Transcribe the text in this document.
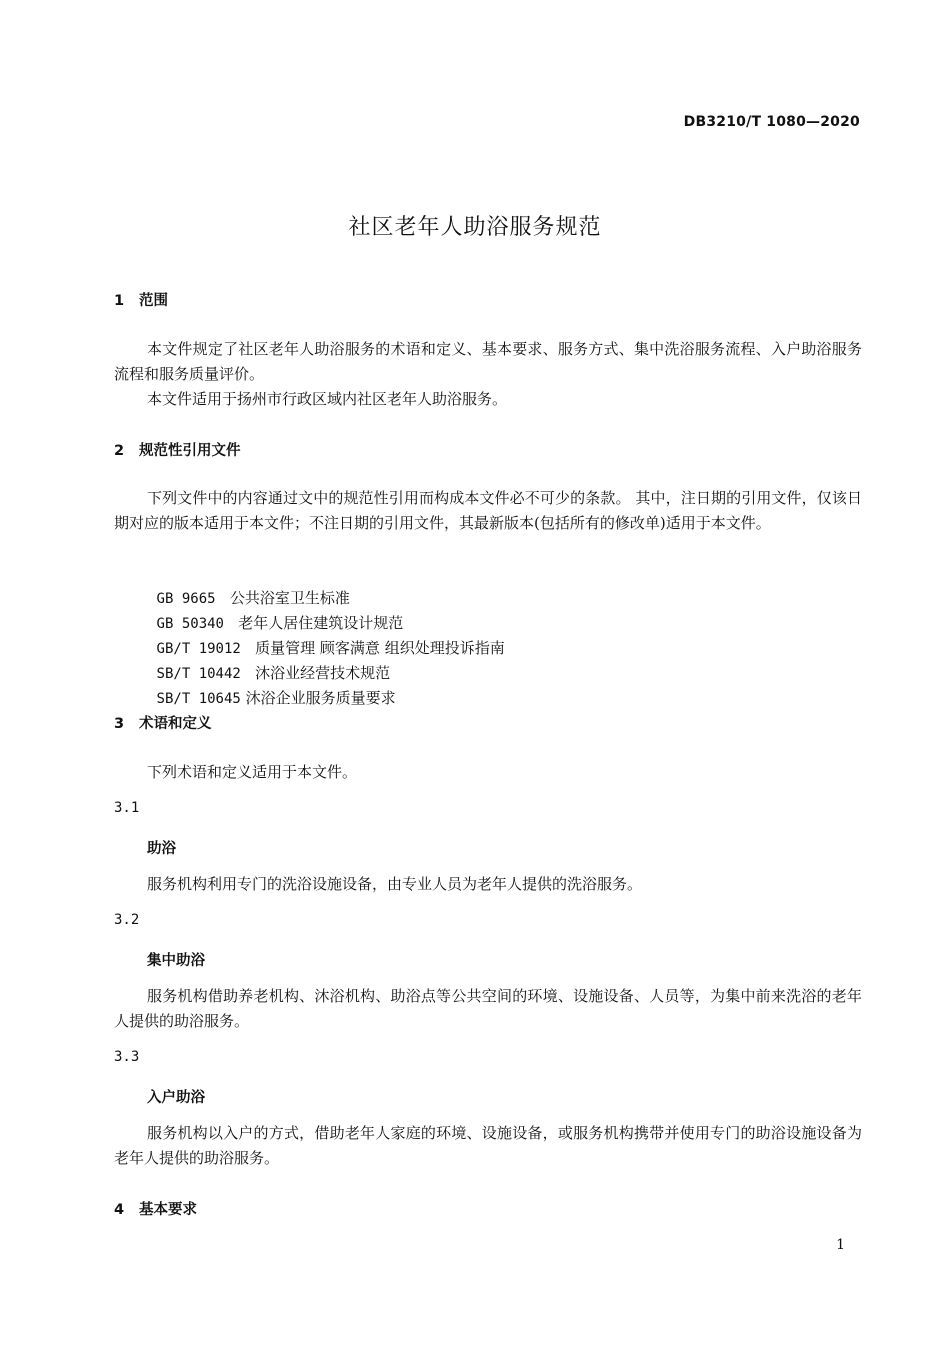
DB3210/T 1080—2020
社区老年人助浴服务规范
1 范围
本文件规定了社区老年人助浴服务的术语和定义、基本要求、服务方式、集中洗浴服务流程、入户助浴服务流程和服务质量评价。
本文件适用于扬州市行政区域内社区老年人助浴服务。
2 规范性引用文件
下列文件中的内容通过文中的规范性引用而构成本文件必不可少的条款。 其中，注日期的引用文件，仅该日期对应的版本适用于本文件；不注日期的引用文件，其最新版本(包括所有的修改单)适用于本文件。

GB 9665 公共浴室卫生标准

GB 50340 老年人居住建筑设计规范

GB/T 19012 质量管理 顾客满意 组织处理投诉指南

SB/T 10442 沐浴业经营技术规范

SB/T 10645 沐浴企业服务质量要求

3 术语和定义
下列术语和定义适用于本文件。
3.1
助浴
服务机构利用专门的洗浴设施设备，由专业人员为老年人提供的洗浴服务。
3.2
集中助浴
服务机构借助养老机构、沐浴机构、助浴点等公共空间的环境、设施设备、人员等，为集中前来洗浴的老年人提供的助浴服务。
3.3
入户助浴
服务机构以入户的方式，借助老年人家庭的环境、设施设备，或服务机构携带并使用专门的助浴设施设备为老年人提供的助浴服务。
4 基本要求
1
